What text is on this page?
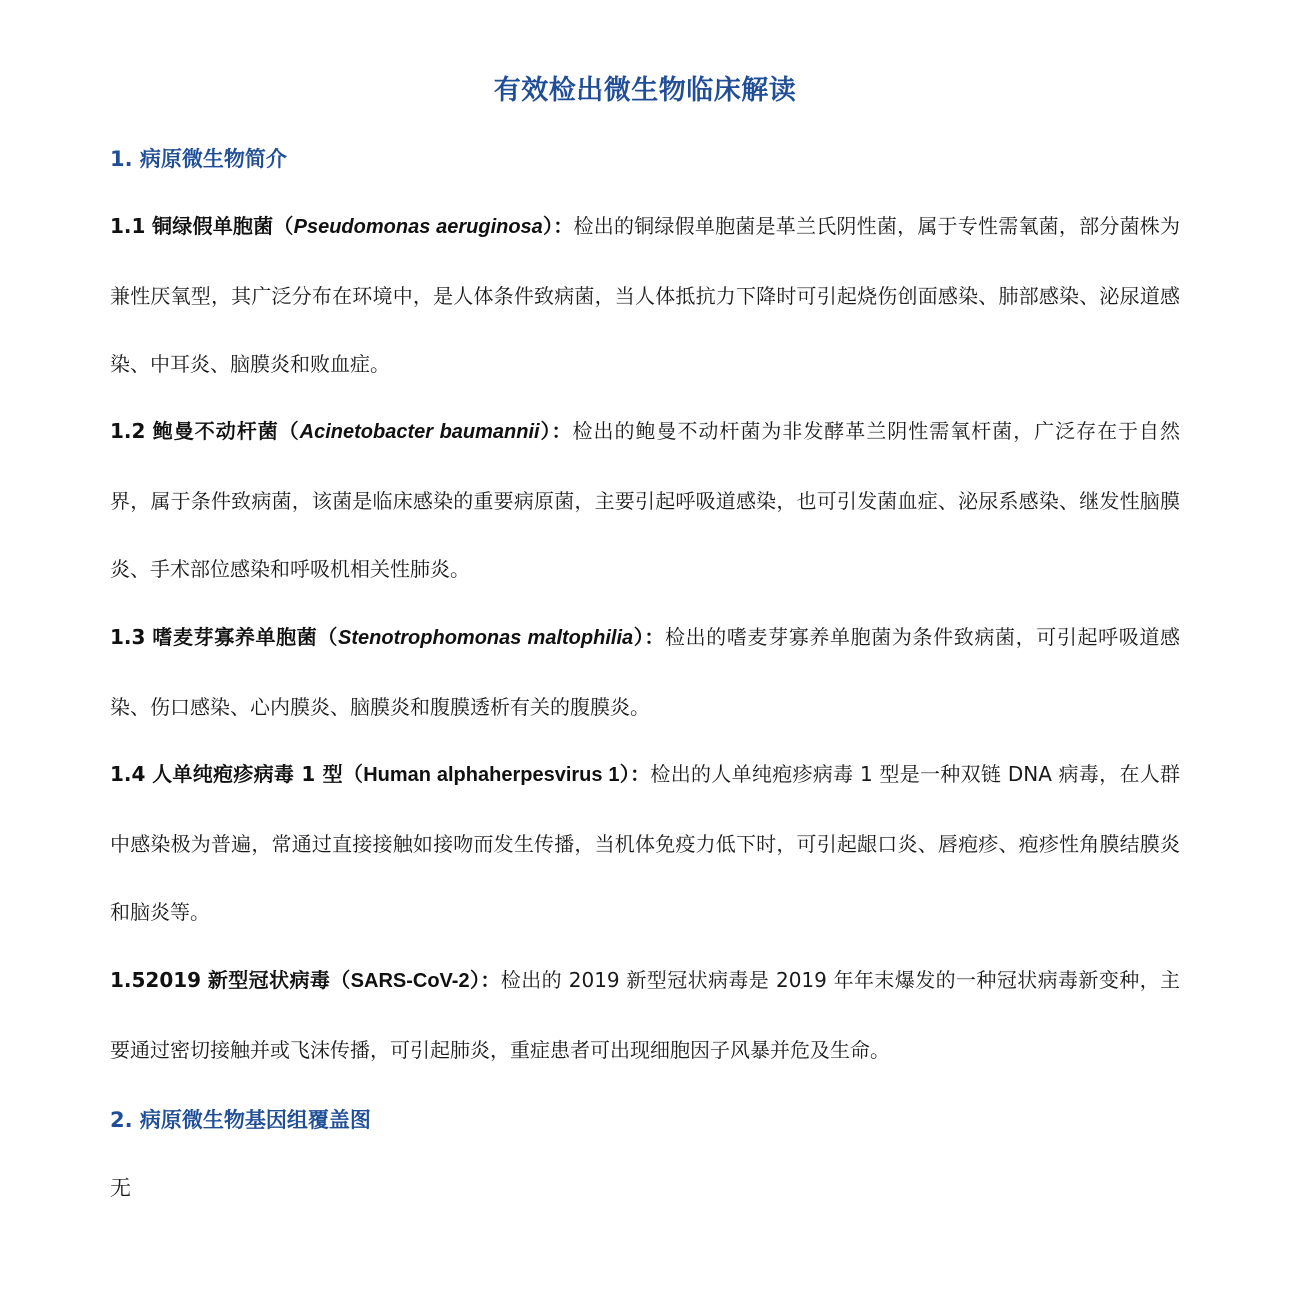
有效检出微生物临床解读
1. 病原微生物简介

1.1 铜绿假单胞菌（Pseudomonas aeruginosa）：检出的铜绿假单胞菌是革兰氏阴性菌，属于专性需氧菌，部分菌株为兼性厌氧型，其广泛分布在环境中，是人体条件致病菌，当人体抵抗力下降时可引起烧伤创面感染、肺部感染、泌尿道感染、中耳炎、脑膜炎和败血症。

1.2 鲍曼不动杆菌（Acinetobacter baumannii）：检出的鲍曼不动杆菌为非发酵革兰阴性需氧杆菌，广泛存在于自然界，属于条件致病菌，该菌是临床感染的重要病原菌，主要引起呼吸道感染，也可引发菌血症、泌尿系感染、继发性脑膜炎、手术部位感染和呼吸机相关性肺炎。

1.3 嗜麦芽寡养单胞菌（Stenotrophomonas maltophilia）：检出的嗜麦芽寡养单胞菌为条件致病菌，可引起呼吸道感染、伤口感染、心内膜炎、脑膜炎和腹膜透析有关的腹膜炎。

1.4 人单纯疱疹病毒 1 型（Human alphaherpesvirus 1）：检出的人单纯疱疹病毒 1 型是一种双链 DNA 病毒，在人群中感染极为普遍，常通过直接接触如接吻而发生传播，当机体免疫力低下时，可引起龈口炎、唇疱疹、疱疹性角膜结膜炎和脑炎等。

1.52019 新型冠状病毒（SARS-CoV-2）：检出的 2019 新型冠状病毒是 2019 年年末爆发的一种冠状病毒新变种，主要通过密切接触并或飞沫传播，可引起肺炎，重症患者可出现细胞因子风暴并危及生命。

2. 病原微生物基因组覆盖图

无
